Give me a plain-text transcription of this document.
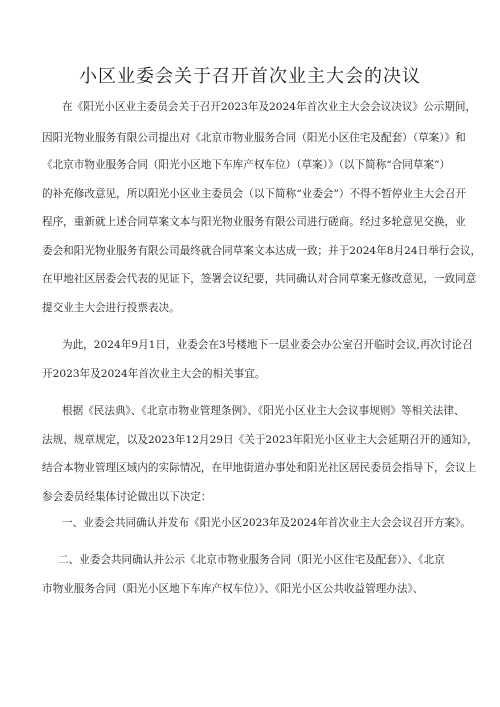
小区业委会关于召开首次业主大会的决议
在《阳光小区业主委员会关于召开2023年及2024年首次业主大会会议决议》公示期间，
因阳光物业服务有限公司提出对《北京市物业服务合同（阳光小区住宅及配套）（草案）》和
《北京市物业服务合同（阳光小区地下车库产权车位）（草案）》（以下简称“合同草案”）
的补充修改意见，所以阳光小区业主委员会（以下简称“业委会”）不得不暂停业主大会召开
程序，重新就上述合同草案文本与阳光物业服务有限公司进行磋商。经过多轮意见交换，业
委会和阳光物业服务有限公司最终就合同草案文本达成一致；并于2024年8月24日举行会议，
在甲地社区居委会代表的见证下，签署会议纪要，共同确认对合同草案无修改意见，一致同意
提交业主大会进行投票表决。
为此，2024年9月1日，业委会在3号楼地下一层业委会办公室召开临时会议,再次讨论召
开2023年及2024年首次业主大会的相关事宜。
根据《民法典》、《北京市物业管理条例》、《阳光小区业主大会议事规则》等相关法律、
法规、规章规定，以及2023年12月29日《关于2023年阳光小区业主大会延期召开的通知》，
结合本物业管理区域内的实际情况，在甲地街道办事处和阳光社区居民委员会指导下，会议上
参会委员经集体讨论做出以下决定：
一、业委会共同确认并发布《阳光小区2023年及2024年首次业主大会会议召开方案》。
二、业委会共同确认并公示《北京市物业服务合同（阳光小区住宅及配套）》、《北京
市物业服务合同（阳光小区地下车库产权车位）》、《阳光小区公共收益管理办法》、
